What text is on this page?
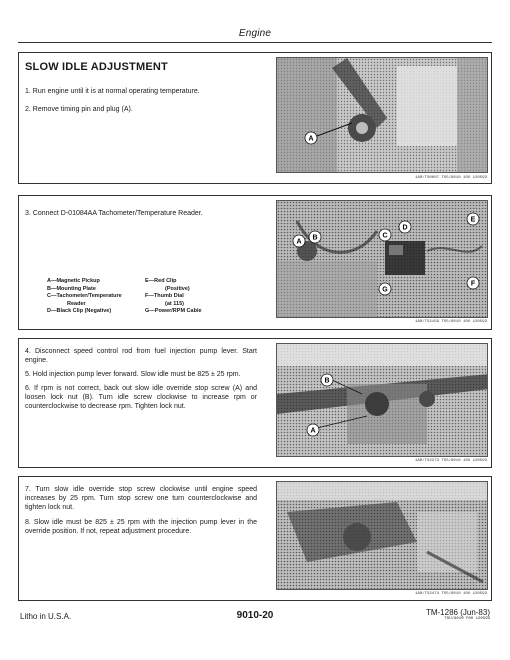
Engine
SLOW IDLE ADJUSTMENT

1. Run engine until it is at normal operating temperature.

2. Remove timing pin and plug (A).

A
1AR/TS0007 TS5/9010 10X 120593

3. Connect D-01084AA Tachometer/Temperature Reader.

A—Magnetic Pickup
B—Mounting Plate
C—Tachometer/Temperature
Reader
D—Black Clip (Negative)
E—Red Clip
(Positive)
F—Thumb Dial
(at 115)
G—Power/RPM Cable
A
B	C
D
E
F
G
1AR/TS2159 TS5/9010 10X 120593

4. Disconnect speed control rod from fuel injection pump lever. Start engine.

5. Hold injection pump lever forward. Slow idle must be 825 ± 25 rpm.

6. If rpm is not correct, back out slow idle override stop screw (A) and loosen lock nut (B). Turn idle screw clockwise to increase rpm or counterclockwise to decrease rpm. Tighten lock nut.

B
A
1AR/TS2273 TS5/9010 10X 120593

7. Turn slow idle override stop screw clockwise until engine speed increases by 25 rpm. Turn stop screw one turn counterclockwise and tighten lock nut.

8. Slow idle must be 825 ± 25 rpm with the injection pump lever in the override position. If not, repeat adjustment procedure.

1AR/TS2474 TS5/9010 10X 120593
Litho in U.S.A.	9010-20	TM-1286 (Jun-83)
TSU/9010 F00 120593
